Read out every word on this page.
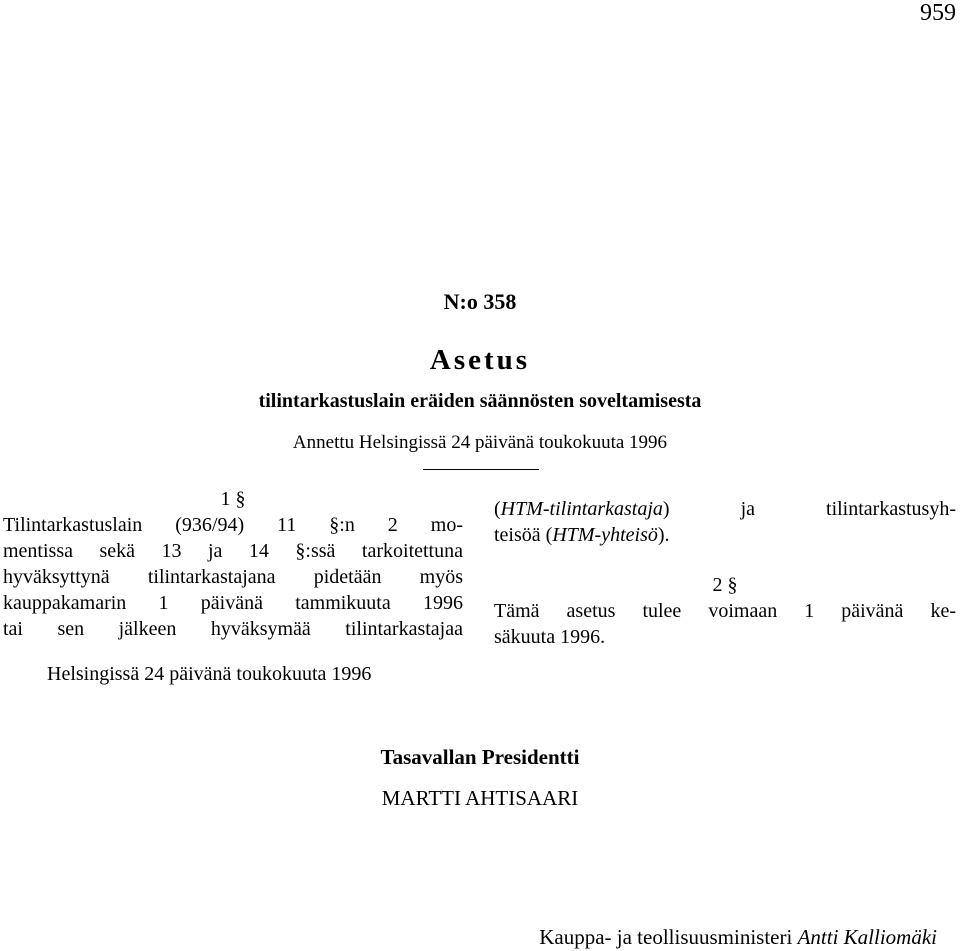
959
N:o 358
Asetus
tilintarkastuslain eräiden säännösten soveltamisesta
Annettu Helsingissä 24 päivänä toukokuuta 1996
1 §
Tilintarkastuslain (936/94) 11 §:n 2 mo-
mentissa sekä 13 ja 14 §:ssä tarkoitettuna
hyväksyttynä tilintarkastajana pidetään myös
kauppakamarin 1 päivänä tammikuuta 1996
tai sen jälkeen hyväksymää tilintarkastajaa
(HTM-tilintarkastaja)	ja	tilintarkastusyh-
teisöä (HTM-yhteisö).
2 §
Tämä asetus tulee voimaan 1 päivänä ke-
säkuuta 1996.
Helsingissä 24 päivänä toukokuuta 1996
Tasavallan Presidentti
MARTTI AHTISAARI
Kauppa- ja teollisuusministeri Antti Kalliomäki
